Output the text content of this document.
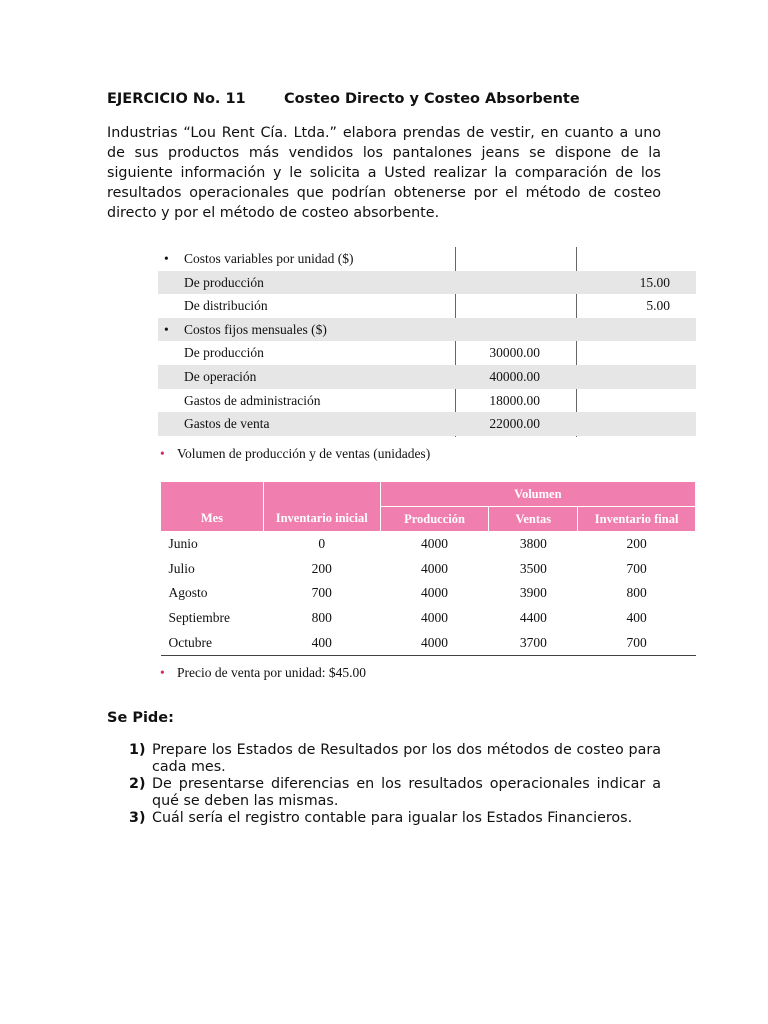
EJERCICIO No. 11	Costeo Directo y Costeo Absorbente

Industrias “Lou Rent Cía. Ltda.” elabora prendas de vestir, en cuanto a uno de sus productos más vendidos los pantalones jeans se dispone de la siguiente información y le solicita a Usted realizar la comparación de los resultados operacionales que podrían obtenerse por el método de costeo directo y por el método de costeo absorbente.

• Costos variables por unidad ($)
De producción	15.00
De distribución	5.00
• Costos fijos mensuales ($)
De producción	30000.00
De operación	40000.00
Gastos de administración	18000.00
Gastos de venta	22000.00
• Volumen de producción y de ventas (unidades)
Mes	Inventario inicial	Volumen		
		Producción	Ventas	Inventario final
Junio	0	4000	3800	200
Julio	200	4000	3500	700
Agosto	700	4000	3900	800
Septiembre	800	4000	4400	400
Octubre	400	4000	3700	700
• Precio de venta por unidad: $45.00
Se Pide:
1) Prepare los Estados de Resultados por los dos métodos de costeo para cada mes.
2) De presentarse diferencias en los resultados operacionales indicar a qué se deben las mismas.
3) Cuál sería el registro contable para igualar los Estados Financieros.
